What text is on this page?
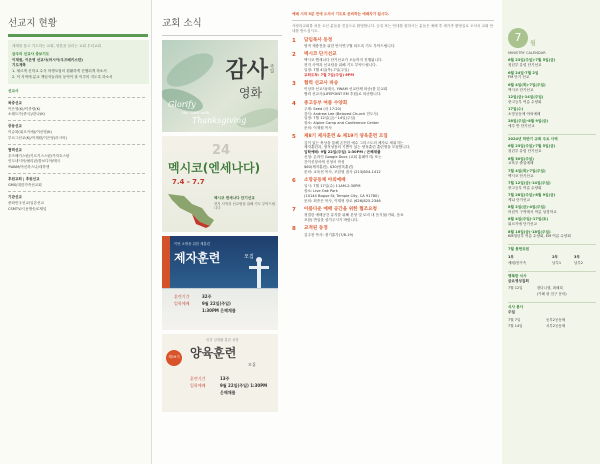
선교지 현황

세계를 품고 기도하는 교회, 영혼을 살리는 교회 우리교회

금주의 선교사 중보기도

이재원, 이은영 선교사(러시아/우즈베키스탄)

기도제목

1. 세르게 신학교 수식 학생모집의 원활하게 진행되게 하소서

2. 이 지역에 분교 책임자들과의 동역이 잘 이루어 지도록 하소서

선교사

북중선교

이은영(K)/이종렬(K)

소테트카(중국)/한나(K)

중동선교

이슈화(튀르키예)/이신영(K)

부르그선교(K)/이재원/이은영(러시아)

협력선교

우즈베키스탄/키르기스스탄/카자흐스탄

인도네시아/필리핀/캄보디아/태국

YWAM/아신하스나/대학생

후원교회 | 후원선교

GMS/대한가족선교회

기관선교

중화민국선교/일본선교

CSMTV/극동방송/C채널

교회 소식
감사
영화
주일
Glorify
the Lord with
Thanksgiving
24
멕시코(엔세나다)
7.4 - 7.7
멕시코 엔세나다 단기선교
현지 사역과 선교팀을 위해 기도 부탁드립니다
이번 소명을 위한 제훈련
제자훈련	모집
훈련기간	32주
입학예배	9월 22일(주일)
1:30PM 은혜채플
제19기
성경 실생활 훈련 성장
양육훈련
모집
훈련기간	13주
입학예배	9월 22일(주일) 1:30PM
은혜채플
예배 시작 5분 전에 오셔서 기도로 준비하는 예배자가 됩시다.

사랑의교회를 처음 오신 분들을 진심으로 환영합니다. 등록 또는 안내를 원하시는 분들은 예배 후 새가족 환영실로 오셔서 교회 안내를 받으십시오.

1	담임목사 동정

영적 재충전을 위한 안식연구월 되도록 기도 부탁드립니다.

2	멕시코 단기선교

멕시코 엔세나다 단기선교가 오늘까지 진행됩니다.

현지 사역과 선교팀을 위해 기도 부탁드립니다.

일정: 7월 4일(목)-7일(주일)

교회도착: 7월 7일(주일) 6PM

3	협력 선교사 파송

이상하 선교사(태국, YWAM 선교단체 파송)를 본교회

협력 선교사(LIFEPOINT EM 후원)로 파송합니다.

4	중고등부 여름 수양회

주제: Seed (마 17:20)

강사: Andrew Lee (Beloved Church 전도사)

일정: 7월 12일(금)~14일(주일)

장소: Alpine Camp and Conference Center

문의: 이재원 목사

5	제8기 제자훈련 & 제19기 양육훈련 모집

깊이 있는 묵상을 통해 온전한 예수 그리스도의 제자로 세워지는

제자훈련과, 영적성장의 기쁨이 있는 양육훈련 훈련생을 모집합니다.

입학예배: 9월 22일(주일) 1:30PM / 은혜채플

신청: 온라인 Google Docs (교회 홈페이지) 또는

간이신청서에 신청서 작성

$60(제자훈련), $30(양육훈련)

문의: 교육선 목사, 조한형 집사 (213)804-1412

6	소망공동체 야외예배

일시: 7월 17일(수) 11AM-2:30PM

장소: Live Oak Park

(10144 Bogue St, Temple City, CA 91780)

문의: 최종은 목사, 이재혁 장로 (626)825-2346

7	아름다운 예배 공간을 위한 협조요청

청결한 예배공간 유지를 위해 본당 및 로비 내 음식물(커피, 음료

포함) 반입을 삼가주시기 바랍니다.

8	교적된 동정

김주찬 목사: 정기휴가(7/8-19)

7	월
MINISTRY CALENDAR
6월 23일(주일)-7월 5일(금)
청년부 유럽 단기선교
6월 24일-7월 2일
FM 단기 선교
6월 4일(목)-7일(주일)
멕시코 단기선교
12일(금)-14일(주일)
중고등부 여름 수양회
17일(수)
소망공동체 야외예배
28일(주일)-8월 9일(금)
예루 반 단기선교
2024년 하반기 교회 주요 사역
6월 23일(주일)-7월 5일(금)
청년부 유럽 단기선교
6월 30일(주일)
교육부 졸업예배
7월 4일(목)-7일(주일)
멕시코 단기선교
7월 12일(금)-14일(주일)
중고등부 여름 수양회
7월 28일(주일)-8월 9일(금)
케냐 단기선교
8월 2일(금)-4일(주일)
어린이 구역에서 여름 성경학교
8월 4일(주일)-17일(토)
튀르키예 단기선교
8월 16일(금)-18일(주일)
KM청년부 여름 수양회, EM 여름 수양회
7월 봉헌위원
1부	2부	3부
예배/봉가족	남부1	남부2
행복한 식사
금요영성집회
7월 12일	장다니엘, 최혜희
	(카페 팡 친구 문의)
식사 봉사
주일
7월 7일	동부2공동체
7월 14일	서부2공동체
